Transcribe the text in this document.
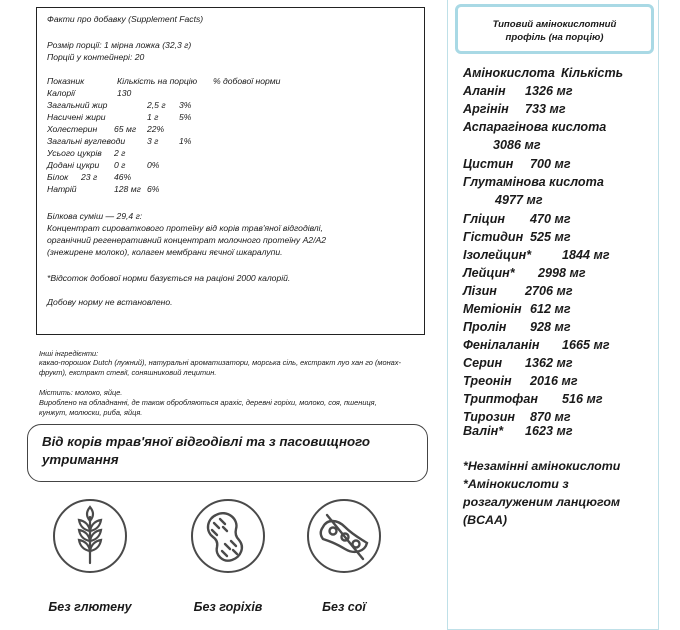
Факти про добавку (Supplement Facts)
Розмір порції: 1 мірна ложка (32,3 г)
Порцій у контейнері: 20
Показник	Кількість на порцію % добової норми
Калорії	130
Загальний жир	2,5 г 3%
Насичені жири	1 г 5%
Холестерин 65 мг 22%
Загальні вуглеводи	3 г 1%
Усього цукрів 2 г
Додані цукри 0 г	0%
Білок 23 г 46%
Натрій	128 мг 6%
Білкова суміш — 29,4 г:
Концентрат сироваткового протеїну від корів трав'яної відгодівлі,
органічний регенеративний концентрат молочного протеїну A2/A2
(знежирене молоко), колаген мембрани яєчної шкаралупи.
*Відсоток добової норми базується на раціоні 2000 калорій.
Добову норму не встановлено.
Інші інгредієнти:
какао-порошок Dutch (лужний), натуральні ароматизатори, морська сіль, екстракт луо хан го (монах-
фрукт), екстракт стевії, соняшниковий лецитин.
Містить: молоко, яйце.
Вироблено на обладнанні, де також обробляються арахіс, деревні горіхи, молоко, соя, пшениця,
кунжут, молюски, риба, яйця.
Від корів трав'яної відгодівлі та з пасовищного
утримання
Без глютену	Без горіхів	Без сої
Типовий амінокислотний
профіль (на порцію)
Амінокислота Кількість
Аланін 1326 мг
Аргінін 733 мг
Аспарагінова кислота
3086 мг
Цистин 700 мг
Глутамінова кислота
4977 мг
Гліцин 470 мг
Гістидин 525 мг
Ізолейцин* 1844 мг
Лейцин* 2998 мг
Лізин 2706 мг
Метіонін 612 мг
Пролін 928 мг
Фенілаланін 1665 мг
Серин 1362 мг
Треонін 2016 мг
Триптофан 516 мг
Тирозин 870 мг
Валін* 1623 мг
*Незамінні амінокислоти
*Амінокислоти з
розгалуженим ланцюгом
(BCAA)
